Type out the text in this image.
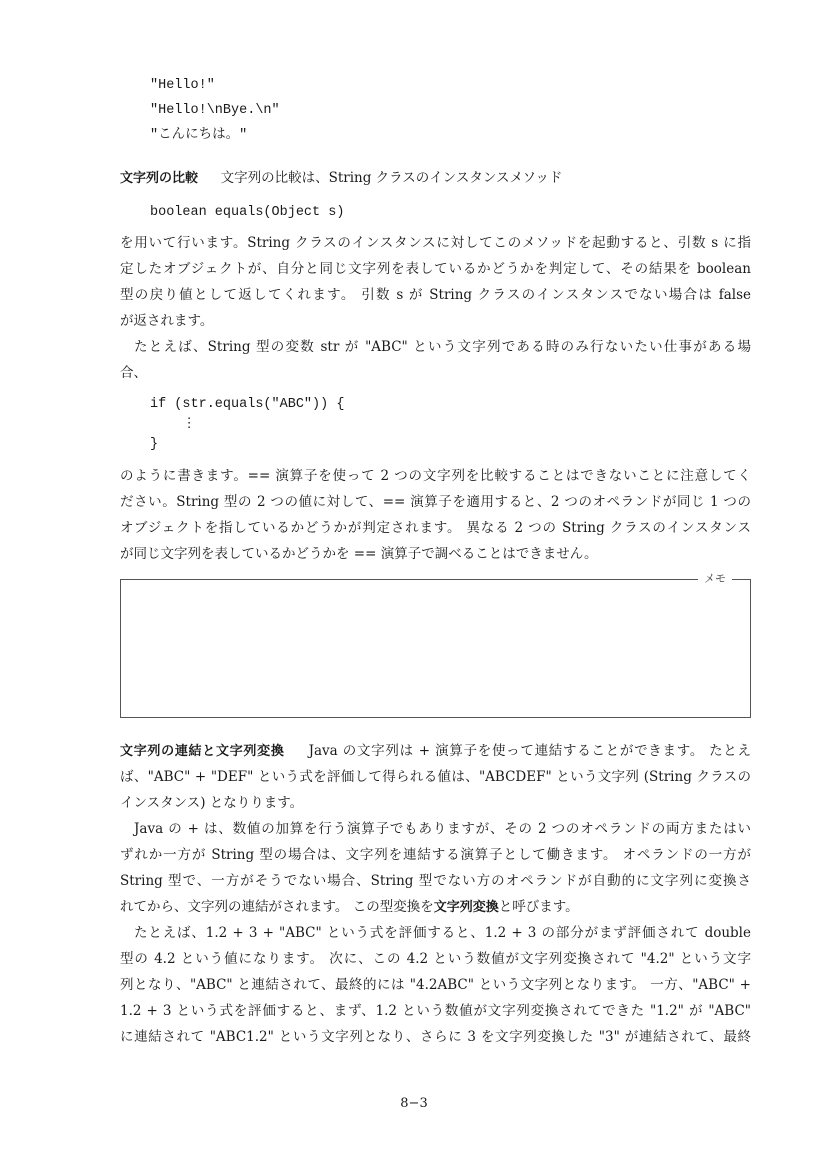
"Hello!"
"Hello!\nBye.\n"
"こんにちは。"
文字列の比較 文字列の比較は、String クラスのインスタンスメソッド
boolean equals(Object s)
を用いて行います。String クラスのインスタンスに対してこのメソッドを起動すると、引数 s に指
定したオブジェクトが、自分と同じ文字列を表しているかどうかを判定して、その結果を boolean
型の戻り値として返してくれます。 引数 s が String クラスのインスタンスでない場合は false
が返されます。
たとえば、String 型の変数 str が "ABC" という文字列である時のみ行ないたい仕事がある場
合、
if (str.equals("ABC")) {
⋮
}
のように書きます。== 演算子を使って 2 つの文字列を比較することはできないことに注意してく
ださい。String 型の 2 つの値に対して、== 演算子を適用すると、2 つのオペランドが同じ 1 つの
オブジェクトを指しているかどうかが判定されます。 異なる 2 つの String クラスのインスタンス
が同じ文字列を表しているかどうかを == 演算子で調べることはできません。
メモ
文字列の連結と文字列変換 Java の文字列は + 演算子を使って連結することができます。 たとえ
ば、"ABC" + "DEF" という式を評価して得られる値は、"ABCDEF" という文字列 (String クラスの
インスタンス) となりります。
Java の + は、数値の加算を行う演算子でもありますが、その 2 つのオペランドの両方またはい
ずれか一方が String 型の場合は、文字列を連結する演算子として働きます。 オペランドの一方が
String 型で、一方がそうでない場合、String 型でない方のオペランドが自動的に文字列に変換さ
れてから、文字列の連結がされます。 この型変換を文字列変換と呼びます。
たとえば、1.2 + 3 + "ABC" という式を評価すると、1.2 + 3 の部分がまず評価されて double
型の 4.2 という値になります。 次に、この 4.2 という数値が文字列変換されて "4.2" という文字
列となり、"ABC" と連結されて、最終的には "4.2ABC" という文字列となります。 一方、"ABC" +
1.2 + 3 という式を評価すると、まず、1.2 という数値が文字列変換されてできた "1.2" が "ABC"
に連結されて "ABC1.2" という文字列となり、さらに 3 を文字列変換した "3" が連結されて、最終
8−3
